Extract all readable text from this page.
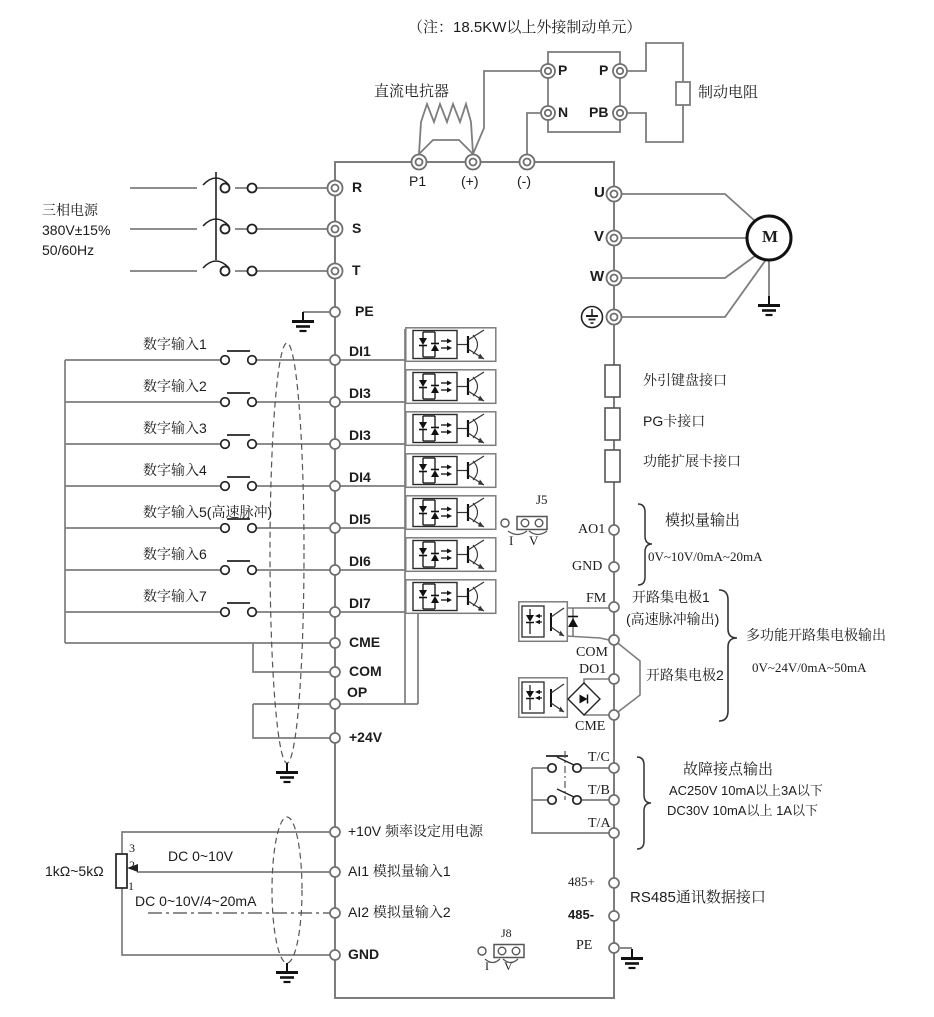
（注：18.5KW以上外接制动单元）
直流电抗器	制动电阻
P P
N PB
P1 (+)	(-)
三相电源
380V±15%
50/60Hz
R
S
T
PE
数字输入1
数字输入2
数字输入3
数字输入4
数字输入5(高速脉冲)
数字输入6
数字输入7
DI1
DI3
DI3
DI4
DI5
DI6
DI7
CME
COM
OP
+24V
1kΩ~5kΩ
3
2
1
DC 0~10V
DC 0~10V/4~20mA
+10V 频率设定用电源
AI1 模拟量输入1
AI2 模拟量输入2
GND
U
V
W
M
外引键盘接口
PG卡接口
功能扩展卡接口
J5
I V
AO1
GND
模拟量输出
0V~10V/0mA~20mA
FM
COM
DO1
CME
开路集电极1
(高速脉冲输出)
多功能开路集电极输出
0V~24V/0mA~50mA
开路集电极2
T/C
T/B
T/A
故障接点输出
AC250V 10mA以上3A以下
DC30V 10mA以上 1A以下
485+
485-
PE
RS485通讯数据接口
J8
I V
